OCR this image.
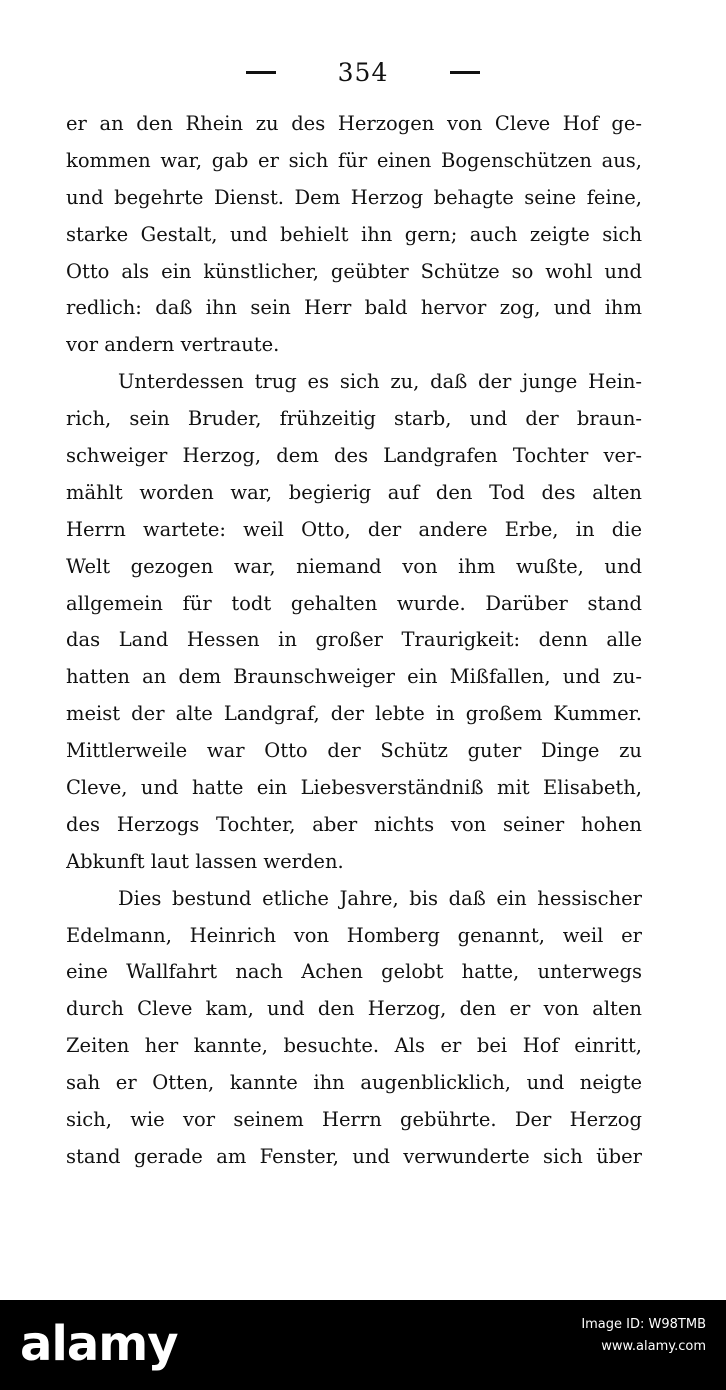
354
er an den Rhein zu des Herzogen von Cleve Hof ge-
kommen war, gab er sich für einen Bogenschützen aus,
und begehrte Dienst. Dem Herzog behagte seine feine,
starke Gestalt, und behielt ihn gern; auch zeigte sich
Otto als ein künstlicher, geübter Schütze so wohl und
redlich: daß ihn sein Herr bald hervor zog, und ihm
vor andern vertraute.
Unterdessen trug es sich zu, daß der junge Hein-
rich, sein Bruder, frühzeitig starb, und der braun-
schweiger Herzog, dem des Landgrafen Tochter ver-
mählt worden war, begierig auf den Tod des alten
Herrn wartete: weil Otto, der andere Erbe, in die
Welt gezogen war, niemand von ihm wußte, und
allgemein für todt gehalten wurde. Darüber stand
das Land Hessen in großer Traurigkeit: denn alle
hatten an dem Braunschweiger ein Mißfallen, und zu-
meist der alte Landgraf, der lebte in großem Kummer.
Mittlerweile war Otto der Schütz guter Dinge zu
Cleve, und hatte ein Liebesverständniß mit Elisabeth,
des Herzogs Tochter, aber nichts von seiner hohen
Abkunft laut lassen werden.
Dies bestund etliche Jahre, bis daß ein hessischer
Edelmann, Heinrich von Homberg genannt, weil er
eine Wallfahrt nach Achen gelobt hatte, unterwegs
durch Cleve kam, und den Herzog, den er von alten
Zeiten her kannte, besuchte. Als er bei Hof einritt,
sah er Otten, kannte ihn augenblicklich, und neigte
sich, wie vor seinem Herrn gebührte. Der Herzog
stand gerade am Fenster, und verwunderte sich über
alamy	Image ID: W98TMB
www.alamy.com
